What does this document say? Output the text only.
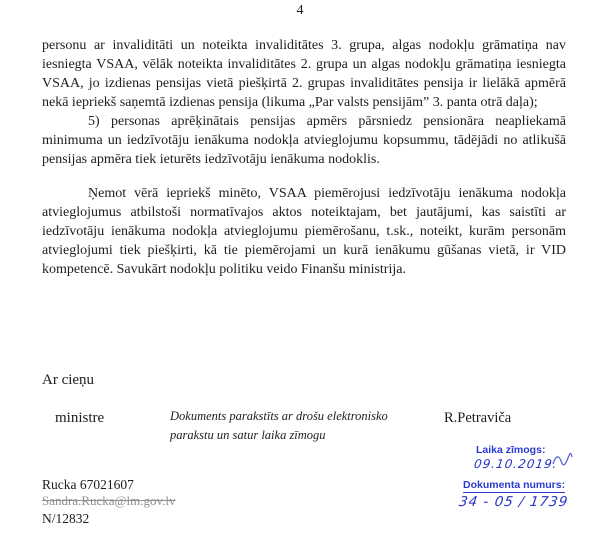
4

personu ar invaliditāti un noteikta invaliditātes 3. grupa, algas nodokļu grāmatiņa nav iesniegta VSAA, vēlāk noteikta invaliditātes 2. grupa un algas nodokļu grāmatiņa iesniegta VSAA, jo izdienas pensijas vietā piešķirtā 2. grupas invaliditātes pensija ir lielākā apmērā nekā iepriekš saņemtā izdienas pensija (likuma „Par valsts pensijām” 3. panta otrā daļa);

5) personas aprēķinātais pensijas apmērs pārsniedz pensionāra neapliekamā minimuma un iedzīvotāju ienākuma nodokļa atvieglojumu kopsummu, tādējādi no atlikušā pensijas apmēra tiek ieturēts iedzīvotāju ienākuma nodoklis.

Ņemot vērā iepriekš minēto, VSAA piemērojusi iedzīvotāju ienākuma nodokļa atvieglojumus atbilstoši normatīvajos aktos noteiktajam, bet jautājumi, kas saistīti ar iedzīvotāju ienākuma nodokļa atvieglojumu piemērošanu, t.sk., noteikt, kurām personām atvieglojumi tiek piešķirti, kā tie piemērojami un kurā ienākumu gūšanas vietā, ir VID kompetencē. Savukārt nodokļu politiku veido Finanšu ministrija.

Ar cieņu
ministre	Dokuments parakstīts ar drošu elektronisko parakstu un satur laika zīmogu
R.Petraviča
Laika zīmogs:
09.10.2019.
Dokumenta numurs:
34 - 05 / 1739
Rucka 67021607
Sandra.Rucka@lm.gov.lv
N/12832
